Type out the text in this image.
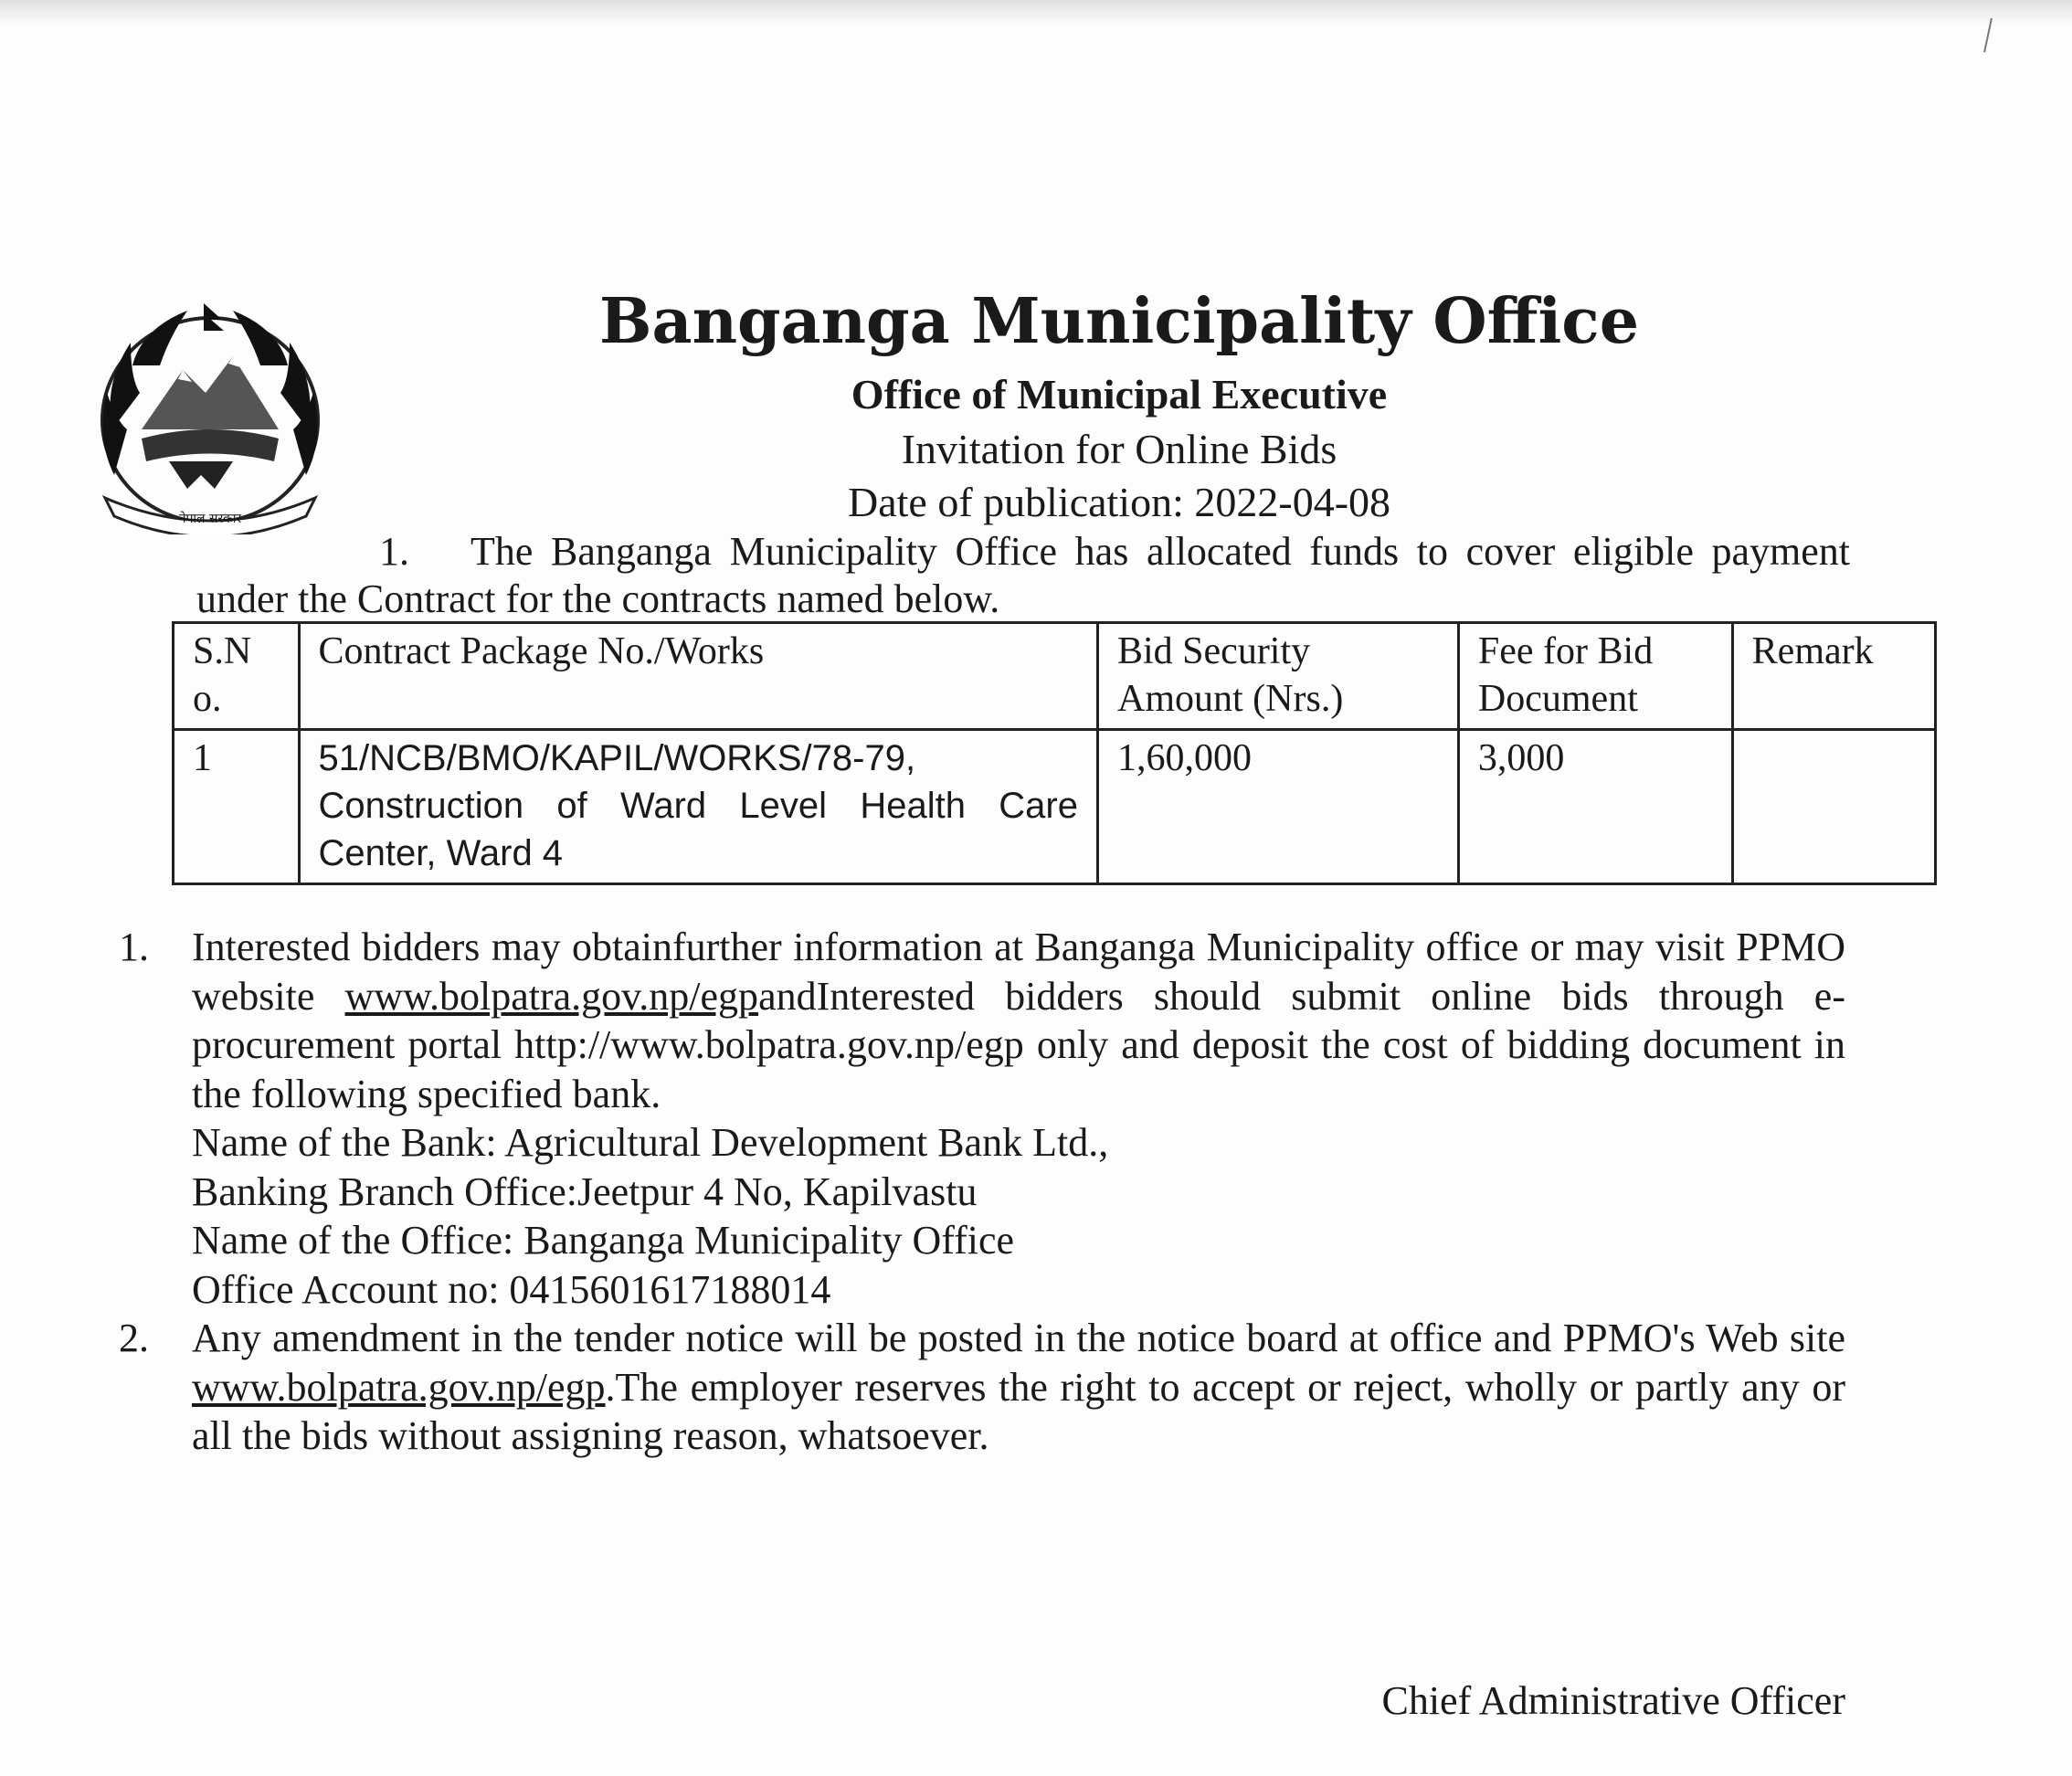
नेपाल सरकार
Banganga Municipality Office
Office of Municipal Executive
Invitation for Online Bids
Date of publication: 2022-04-08
1. The Banganga Municipality Office has allocated funds to cover eligible payment under the Contract for the contracts named below.
S.N o.	Contract Package No./Works	Bid Security Amount (Nrs.)	Fee for Bid Document	Remark
1	51/NCB/BMO/KAPIL/WORKS/78-79, Construction of Ward Level Health Care Center, Ward 4	1,60,000	3,000	
1. Interested bidders may obtainfurther information at Banganga Municipality office or may visit PPMO website www.bolpatra.gov.np/egpandInterested bidders should submit online bids through e-procurement portal http://www.bolpatra.gov.np/egp only and deposit the cost of bidding document in the following specified bank.
Name of the Bank: Agricultural Development Bank Ltd.,
Banking Branch Office:Jeetpur 4 No, Kapilvastu
Name of the Office: Banganga Municipality Office
Office Account no: 0415601617188014
2. Any amendment in the tender notice will be posted in the notice board at office and PPMO's Web site www.bolpatra.gov.np/egp.The employer reserves the right to accept or reject, wholly or partly any or all the bids without assigning reason, whatsoever.
Chief Administrative Officer
